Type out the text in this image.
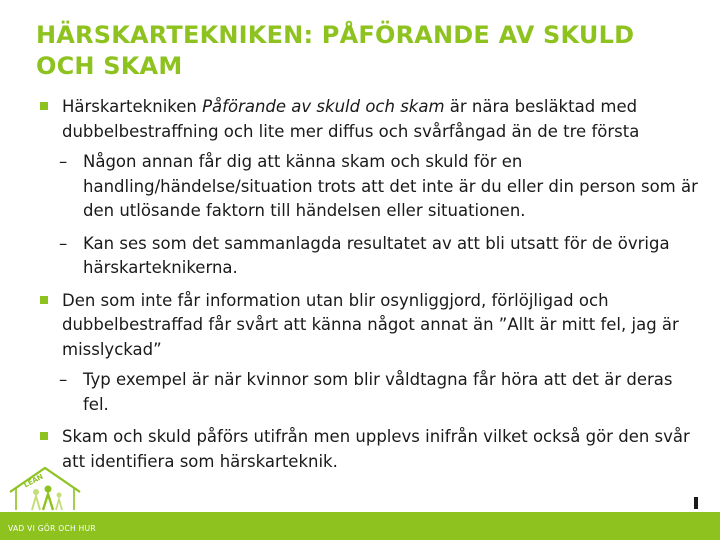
HÄRSKARTEKNIKEN: PÅFÖRANDE AV SKULD OCH SKAM
Härskartekniken Påförande av skuld och skam är nära besläktad med dubbelbestraffning och lite mer diffus och svårfångad än de tre första
– Någon annan får dig att känna skam och skuld för en handling/händelse/situation trots att det inte är du eller din person som är den utlösande faktorn till händelsen eller situationen.
– Kan ses som det sammanlagda resultatet av att bli utsatt för de övriga härskarteknikerna.
Den som inte får information utan blir osynliggjord, förlöjligad och dubbelbestraffad får svårt att känna något annat än ”Allt är mitt fel, jag är misslyckad”
– Typ exempel är när kvinnor som blir våldtagna får höra att det är deras fel.
Skam och skuld påförs utifrån men upplevs inifrån vilket också gör den svår att identifiera som härskarteknik.
LEAN
VAD VI GÖR OCH HUR
